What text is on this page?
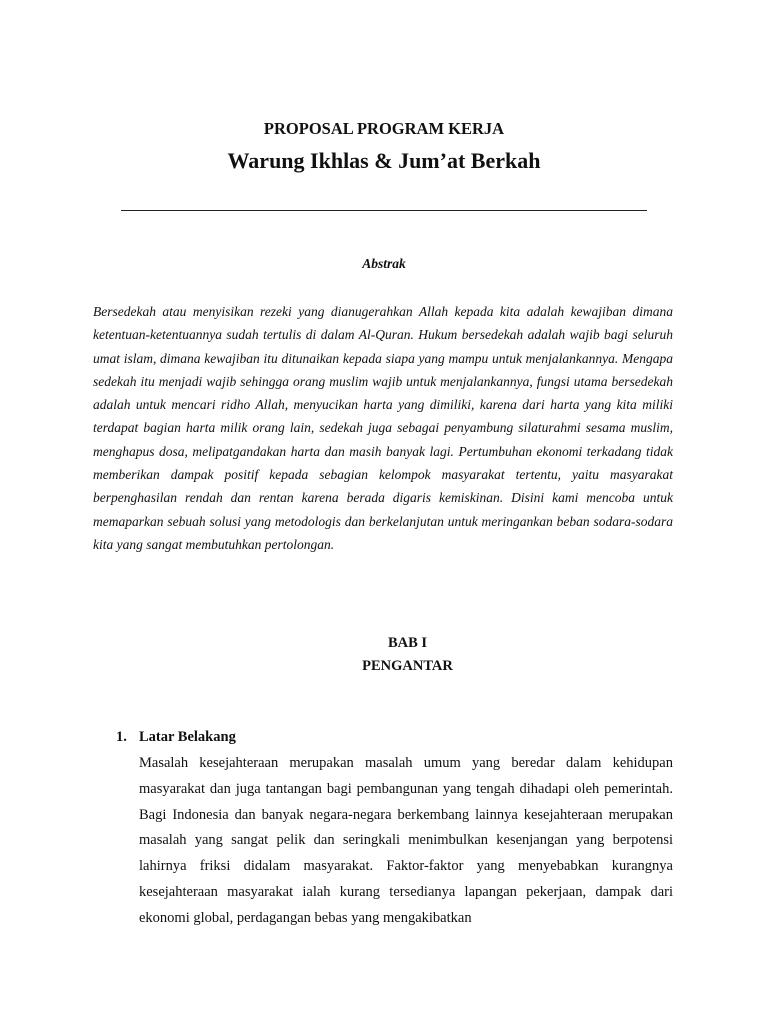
PROPOSAL PROGRAM KERJA
Warung Ikhlas & Jum’at Berkah
Abstrak
Bersedekah atau menyisikan rezeki yang dianugerahkan Allah kepada kita adalah kewajiban dimana ketentuan-ketentuannya sudah tertulis di dalam Al-Quran. Hukum bersedekah adalah wajib bagi seluruh umat islam, dimana kewajiban itu ditunaikan kepada siapa yang mampu untuk menjalankannya. Mengapa sedekah itu menjadi wajib sehingga orang muslim wajib untuk menjalankannya, fungsi utama bersedekah adalah untuk mencari ridho Allah, menyucikan harta yang dimiliki, karena dari harta yang kita miliki terdapat bagian harta milik orang lain, sedekah juga sebagai penyambung silaturahmi sesama muslim, menghapus dosa, melipatgandakan harta dan masih banyak lagi. Pertumbuhan ekonomi terkadang tidak memberikan dampak positif kepada sebagian kelompok masyarakat tertentu, yaitu masyarakat berpenghasilan rendah dan rentan karena berada digaris kemiskinan. Disini kami mencoba untuk memaparkan sebuah solusi yang metodologis dan berkelanjutan untuk meringankan beban sodara-sodara kita yang sangat membutuhkan pertolongan.
BAB I
PENGANTAR
1. Latar Belakang
Masalah kesejahteraan merupakan masalah umum yang beredar dalam kehidupan masyarakat dan juga tantangan bagi pembangunan yang tengah dihadapi oleh pemerintah. Bagi Indonesia dan banyak negara-negara berkembang lainnya kesejahteraan merupakan masalah yang sangat pelik dan seringkali menimbulkan kesenjangan yang berpotensi lahirnya friksi didalam masyarakat. Faktor-faktor yang menyebabkan kurangnya kesejahteraan masyarakat ialah kurang tersedianya lapangan pekerjaan, dampak dari ekonomi global, perdagangan bebas yang mengakibatkan
